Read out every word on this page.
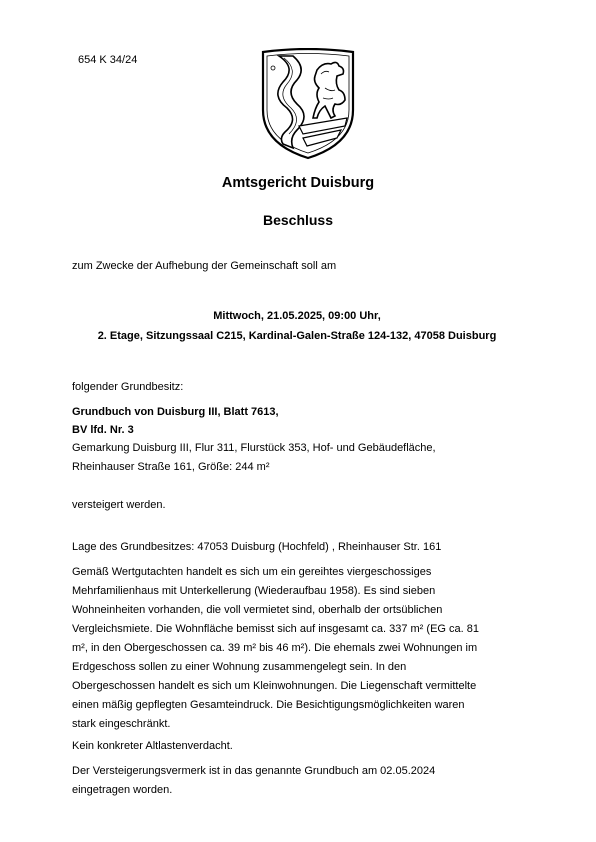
654 K 34/24
Amtsgericht Duisburg
Beschluss
zum Zwecke der Aufhebung der Gemeinschaft soll am
Mittwoch, 21.05.2025, 09:00 Uhr,
2. Etage, Sitzungssaal C215, Kardinal-Galen-Straße 124-132, 47058 Duisburg
folgender Grundbesitz:
Grundbuch von Duisburg III, Blatt 7613,
BV lfd. Nr. 3
Gemarkung Duisburg III, Flur 311, Flurstück 353, Hof- und Gebäudefläche,
Rheinhauser Straße 161, Größe: 244 m²
versteigert werden.
Lage des Grundbesitzes: 47053 Duisburg (Hochfeld) , Rheinhauser Str. 161
Gemäß Wertgutachten handelt es sich um ein gereihtes viergeschossiges
Mehrfamilienhaus mit Unterkellerung (Wiederaufbau 1958). Es sind sieben
Wohneinheiten vorhanden, die voll vermietet sind, oberhalb der ortsüblichen
Vergleichsmiete. Die Wohnfläche bemisst sich auf insgesamt ca. 337 m² (EG ca. 81
m², in den Obergeschossen ca. 39 m² bis 46 m²). Die ehemals zwei Wohnungen im
Erdgeschoss sollen zu einer Wohnung zusammengelegt sein. In den
Obergeschossen handelt es sich um Kleinwohnungen. Die Liegenschaft vermittelte
einen mäßig gepflegten Gesamteindruck. Die Besichtigungsmöglichkeiten waren
stark eingeschränkt.
Kein konkreter Altlastenverdacht.
Der Versteigerungsvermerk ist in das genannte Grundbuch am 02.05.2024
eingetragen worden.
